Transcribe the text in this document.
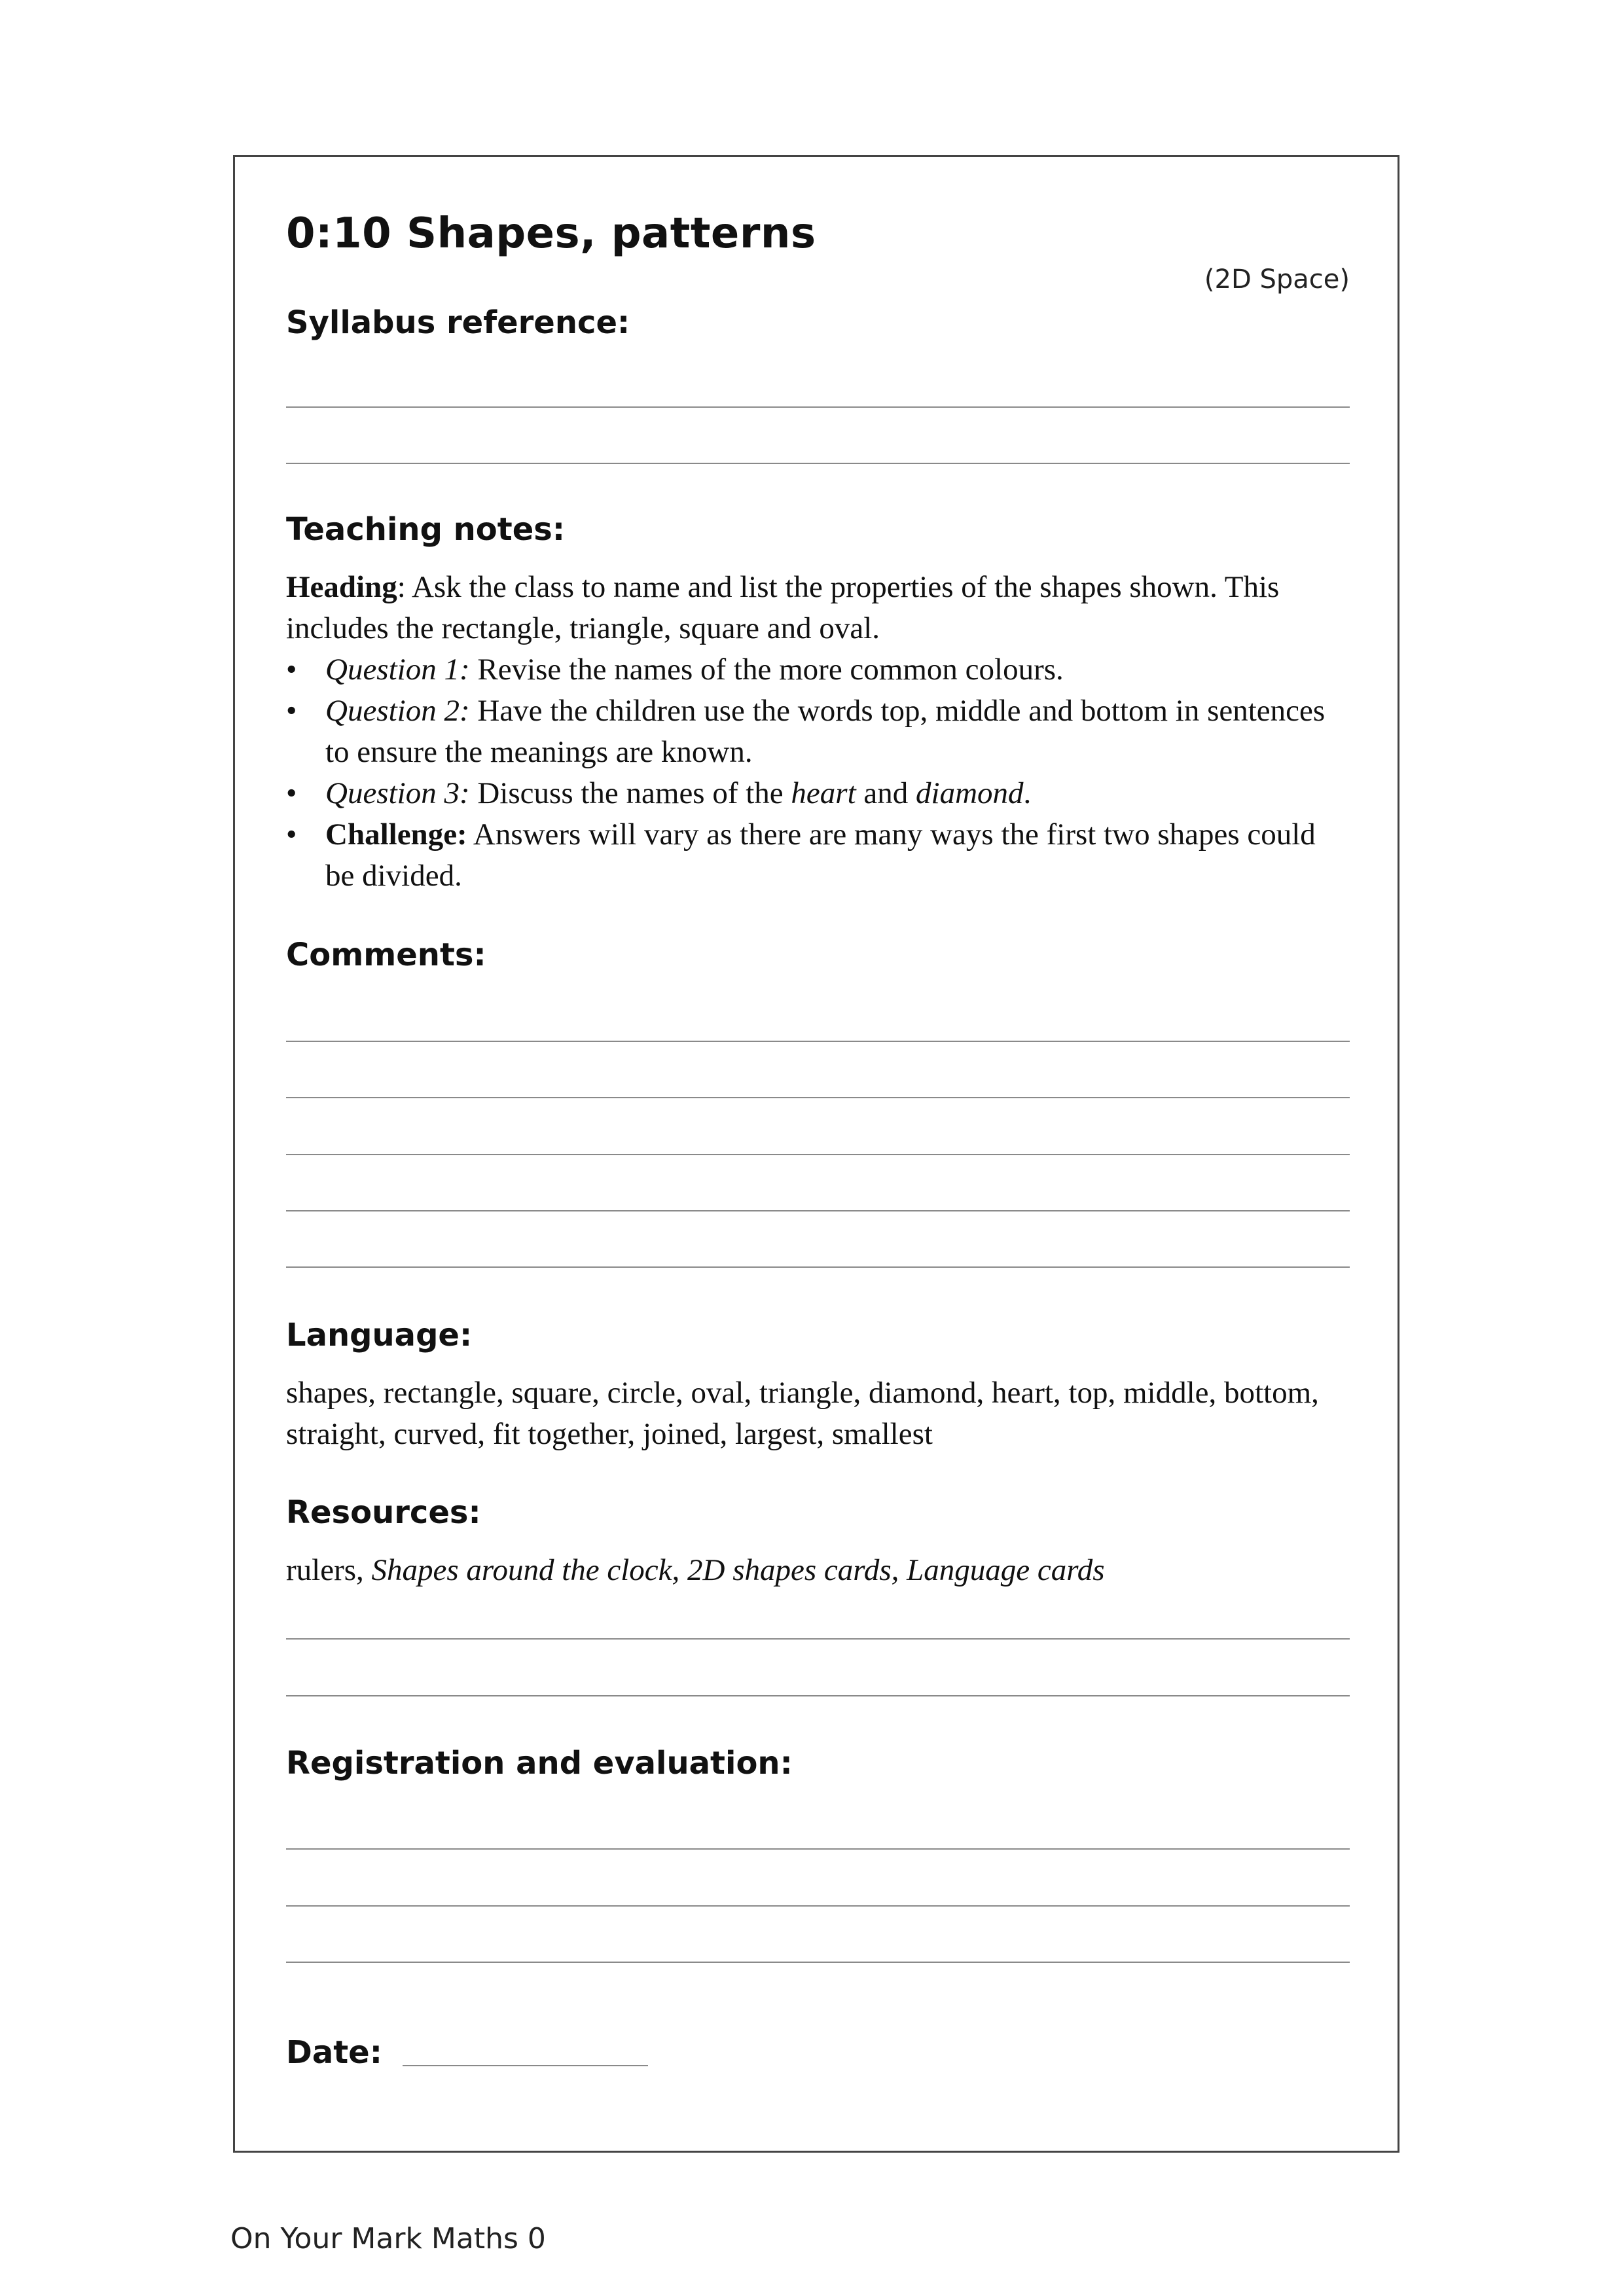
0:10 Shapes, patterns
(2D Space)
Syllabus reference:
Teaching notes:

Heading: Ask the class to name and list the properties of the shapes shown. This includes the rectangle, triangle, square and oval.

• Question 1: Revise the names of the more common colours.
• Question 2: Have the children use the words top, middle and bottom in sentences to ensure the meanings are known.
• Question 3: Discuss the names of the heart and diamond.
• Challenge: Answers will vary as there are many ways the first two shapes could be divided.
Comments:
Language:
shapes, rectangle, square, circle, oval, triangle, diamond, heart, top, middle, bottom, straight, curved, fit together, joined, largest, smallest
Resources:
rulers, Shapes around the clock, 2D shapes cards, Language cards
Registration and evaluation:
Date:
On Your Mark Maths 0
